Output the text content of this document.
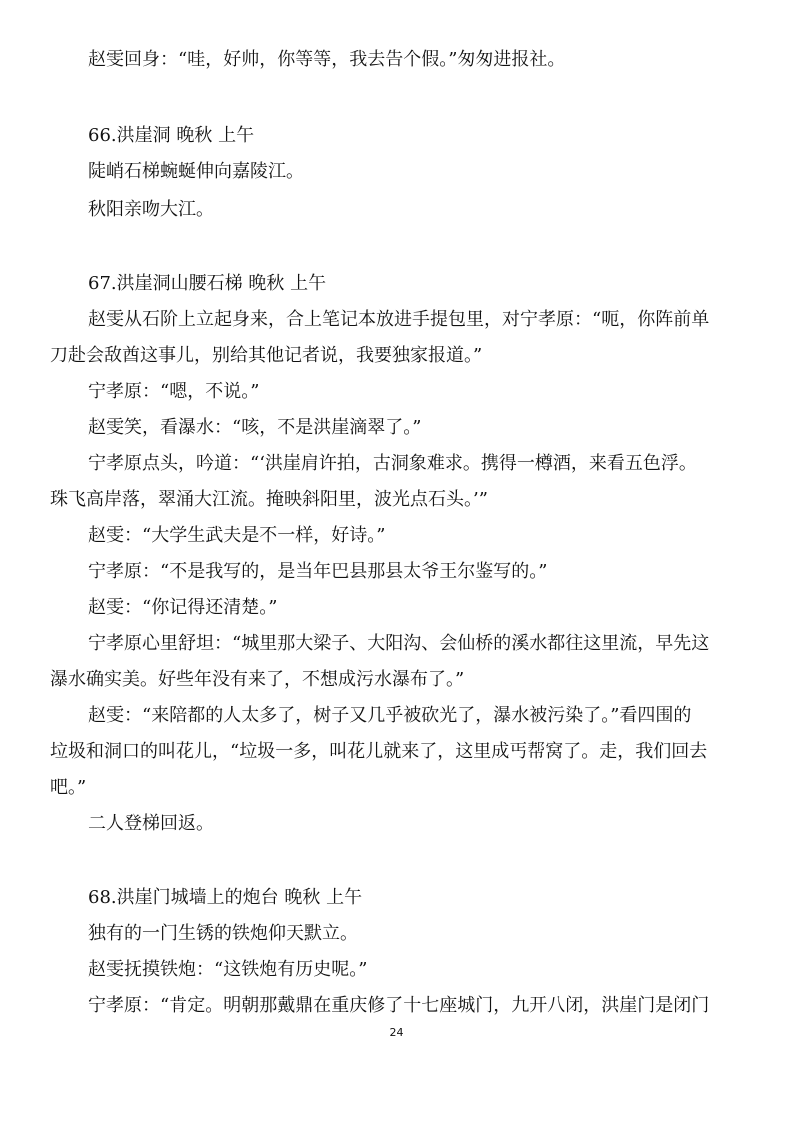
赵雯回身：“哇，好帅，你等等，我去告个假。”匆匆进报社。
66.洪崖洞 晚秋 上午
陡峭石梯蜿蜒伸向嘉陵江。
秋阳亲吻大江。
67.洪崖洞山腰石梯 晚秋 上午
赵雯从石阶上立起身来，合上笔记本放进手提包里，对宁孝原：“呃，你阵前单
刀赴会敌酋这事儿，别给其他记者说，我要独家报道。”
宁孝原：“嗯，不说。”
赵雯笑，看瀑水：“咳，不是洪崖滴翠了。”
宁孝原点头，吟道：“‘洪崖肩许拍，古洞象难求。携得一樽酒，来看五色浮。
珠飞高岸落，翠涌大江流。掩映斜阳里，波光点石头。’”
赵雯：“大学生武夫是不一样，好诗。”
宁孝原：“不是我写的，是当年巴县那县太爷王尔鉴写的。”
赵雯：“你记得还清楚。”
宁孝原心里舒坦：“城里那大梁子、大阳沟、会仙桥的溪水都往这里流，早先这
瀑水确实美。好些年没有来了，不想成污水瀑布了。”
赵雯：“来陪都的人太多了，树子又几乎被砍光了，瀑水被污染了。”看四围的
垃圾和洞口的叫花儿，“垃圾一多，叫花儿就来了，这里成丐帮窝了。走，我们回去
吧。”
二人登梯回返。
68.洪崖门城墙上的炮台 晚秋 上午
独有的一门生锈的铁炮仰天默立。
赵雯抚摸铁炮：“这铁炮有历史呢。”
宁孝原：“肯定。明朝那戴鼎在重庆修了十七座城门，九开八闭，洪崖门是闭门
24
